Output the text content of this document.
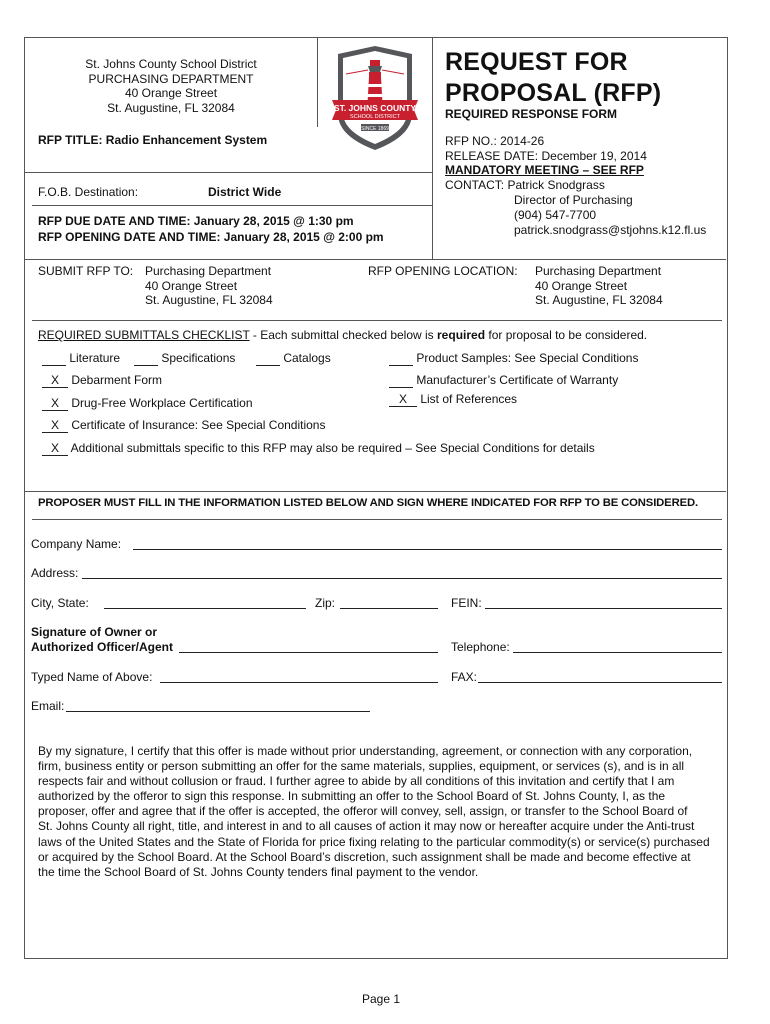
St. Johns County School District
PURCHASING DEPARTMENT
40 Orange Street
St. Augustine, FL 32084	ST. JOHNS COUNTY
SCHOOL DISTRICT
SINCE 1869
REQUEST FOR
PROPOSAL (RFP)
REQUIRED RESPONSE FORM
RFP TITLE: Radio Enhancement System	RFP NO.: 2014-26
RELEASE DATE: December 19, 2014
MANDATORY MEETING – SEE RFP
CONTACT: Patrick Snodgrass
Director of Purchasing
(904) 547-7700
patrick.snodgrass@stjohns.k12.fl.us
F.O.B. Destination:	District Wide
RFP DUE DATE AND TIME: January 28, 2015 @ 1:30 pm
RFP OPENING DATE AND TIME: January 28, 2015 @ 2:00 pm
SUBMIT RFP TO: Purchasing Department
40 Orange Street
St. Augustine, FL 32084
RFP OPENING LOCATION: Purchasing Department
40 Orange Street
St. Augustine, FL 32084
REQUIRED SUBMITTALS CHECKLIST - Each submittal checked below is required for proposal to be considered.
Literature	Specifications	Catalogs	Product Samples: See Special Conditions
X Debarment Form	Manufacturer’s Certificate of Warranty
X Drug-Free Workplace Certification	X List of References
X Certificate of Insurance: See Special Conditions
X Additional submittals specific to this RFP may also be required – See Special Conditions for details
PROPOSER MUST FILL IN THE INFORMATION LISTED BELOW AND SIGN WHERE INDICATED FOR RFP TO BE CONSIDERED.
Company Name:
Address:
City, State:	Zip:	FEIN:
Signature of Owner or
Authorized Officer/Agent	Telephone:
Typed Name of Above:	FAX:
Email:
By my signature, I certify that this offer is made without prior understanding, agreement, or connection with any corporation,
firm, business entity or person submitting an offer for the same materials, supplies, equipment, or services (s), and is in all
respects fair and without collusion or fraud. I further agree to abide by all conditions of this invitation and certify that I am
authorized by the offeror to sign this response. In submitting an offer to the School Board of St. Johns County, I, as the
proposer, offer and agree that if the offer is accepted, the offeror will convey, sell, assign, or transfer to the School Board of
St. Johns County all right, title, and interest in and to all causes of action it may now or hereafter acquire under the Anti-trust
laws of the United States and the State of Florida for price fixing relating to the particular commodity(s) or service(s) purchased
or acquired by the School Board. At the School Board’s discretion, such assignment shall be made and become effective at
the time the School Board of St. Johns County tenders final payment to the vendor.
Page 1
